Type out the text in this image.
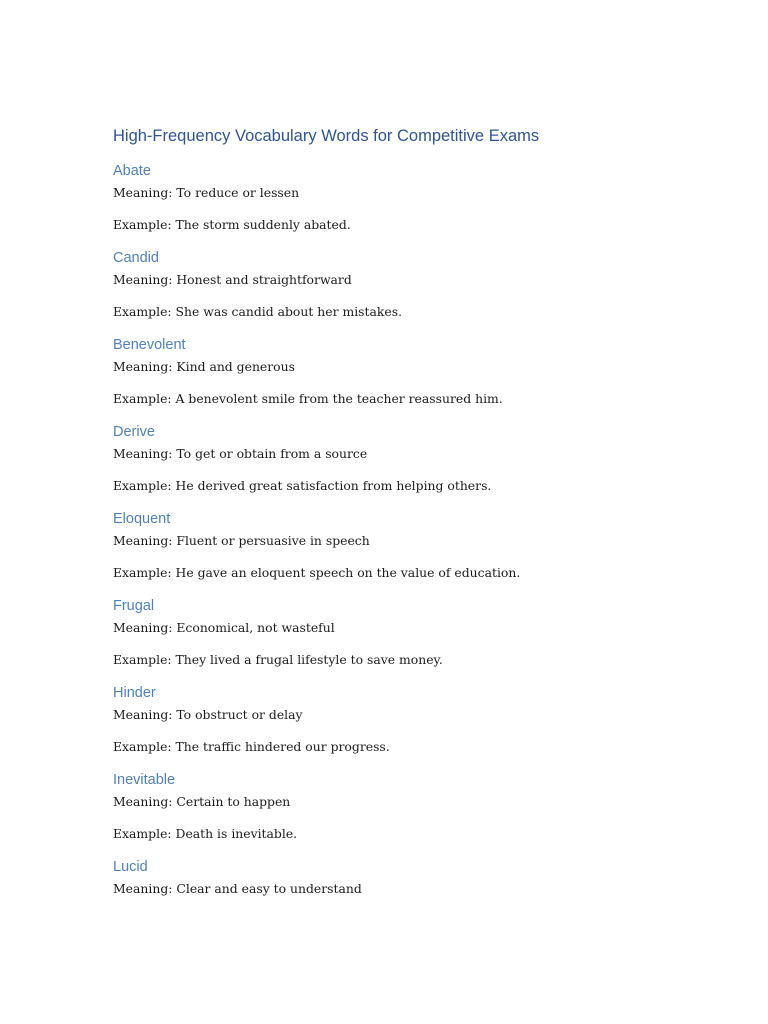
High-Frequency Vocabulary Words for Competitive Exams
Abate

Meaning: To reduce or lessen

Example: The storm suddenly abated.

Candid

Meaning: Honest and straightforward

Example: She was candid about her mistakes.

Benevolent

Meaning: Kind and generous

Example: A benevolent smile from the teacher reassured him.

Derive

Meaning: To get or obtain from a source

Example: He derived great satisfaction from helping others.

Eloquent

Meaning: Fluent or persuasive in speech

Example: He gave an eloquent speech on the value of education.

Frugal

Meaning: Economical, not wasteful

Example: They lived a frugal lifestyle to save money.

Hinder

Meaning: To obstruct or delay

Example: The traffic hindered our progress.

Inevitable

Meaning: Certain to happen

Example: Death is inevitable.

Lucid

Meaning: Clear and easy to understand
